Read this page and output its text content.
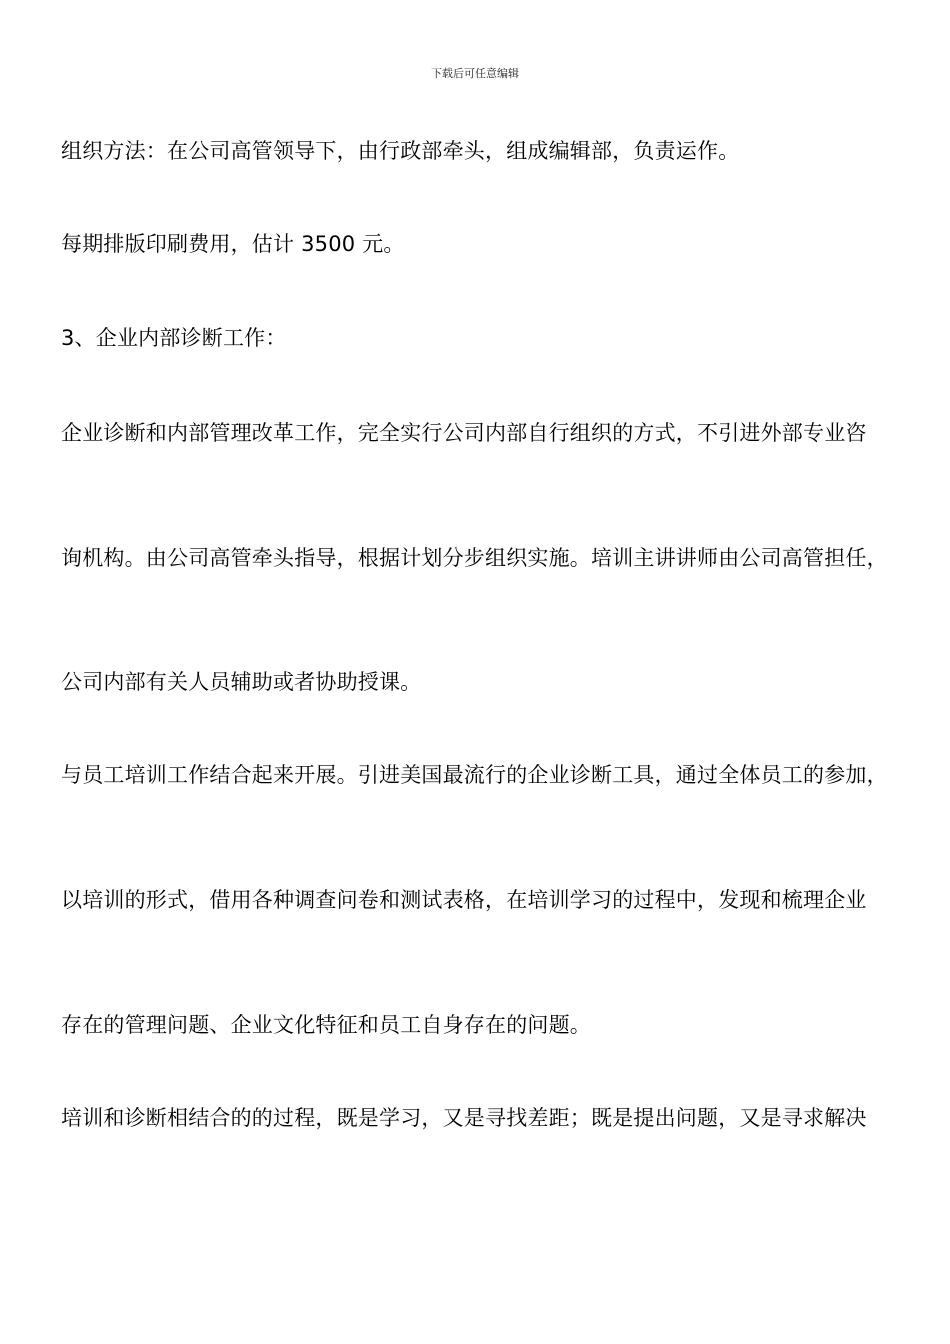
下载后可任意编辑
组织方法：在公司高管领导下，由行政部牵头，组成编辑部，负责运作。
每期排版印刷费用，估计 3500 元。
3、企业内部诊断工作：
企业诊断和内部管理改革工作，完全实行公司内部自行组织的方式，不引进外部专业咨
询机构。由公司高管牵头指导，根据计划分步组织实施。培训主讲讲师由公司高管担任，
公司内部有关人员辅助或者协助授课。
与员工培训工作结合起来开展。引进美国最流行的企业诊断工具，通过全体员工的参加，
以培训的形式，借用各种调查问卷和测试表格，在培训学习的过程中，发现和梳理企业
存在的管理问题、企业文化特征和员工自身存在的问题。
培训和诊断相结合的的过程，既是学习，又是寻找差距；既是提出问题，又是寻求解决
